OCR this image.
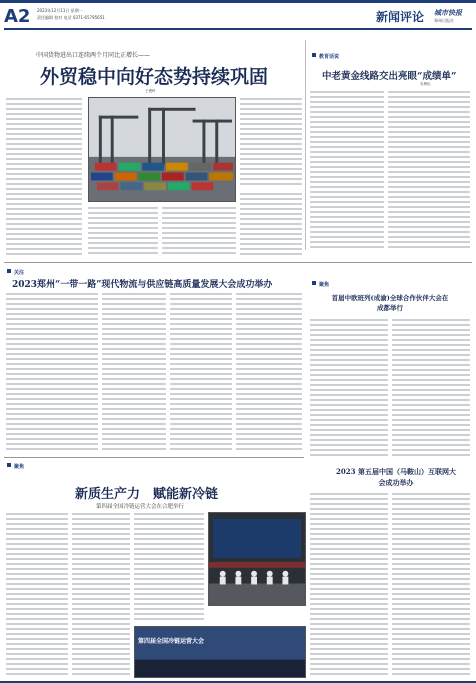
A2 2023年12月11日 星期一
责任编辑 校对 电话 0371-65795651	新闻评论 城市快报
郑州日报社
中国货物进出口连续两个月同比正增长——
外贸稳中向好态势持续巩固
王俊岭
教育话说
中老黄金线路交出亮眼“成绩单”
吴博伦
关注
2023郑州“一带一路”现代物流与供应链高质量发展大会成功举办	聚焦
首届中欧班列(成渝)全球合作伙伴大会在成都举行
聚焦
新质生产力　赋能新冷链
第四届全国冷链运营大会在合肥举行
第四届全国冷链运营大会
2023 第五届中国（马鞍山）互联网大会成功举办
